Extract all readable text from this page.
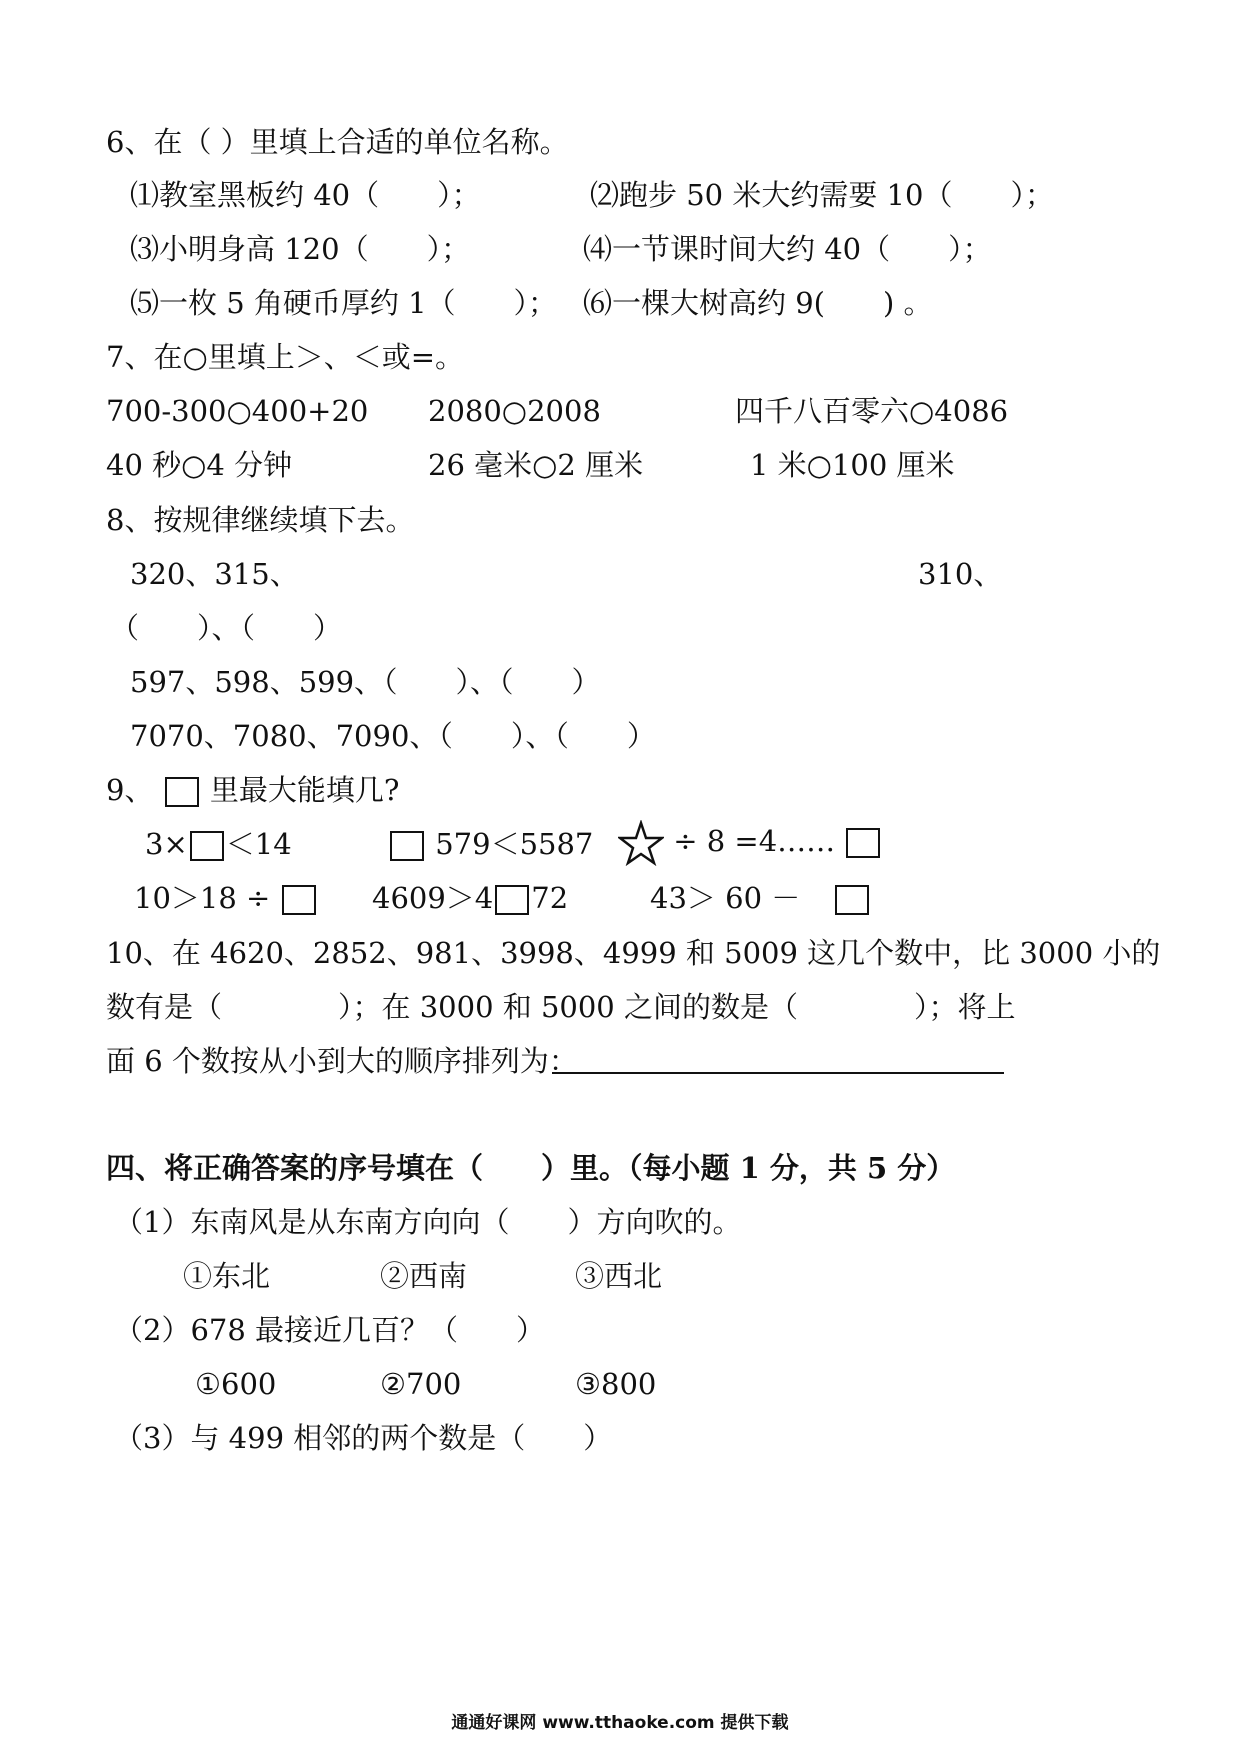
6、在（ ）里填上合适的单位名称。
⑴教室黑板约 40（　　）；	⑵跑步 50 米大约需要 10（　　）；
⑶小明身高 120（　　）；	⑷一节课时间大约 40（　　）；
⑸一枚 5 角硬币厚约 1（　　）； ⑹一棵大树高约 9(　　) 。
7、在○里填上＞、＜或=。
700-300○400+20 2080○2008	四千八百零六○4086
40 秒○4 分钟	26 毫米○2 厘米	1 米○100 厘米
8、按规律继续填下去。
320、315、	310、
（　　）、（　　）
597、598、599、（　　）、（　　）
7070、7080、7090、（　　）、（　　）
9、 里最大能填几?
3× ＜14	579＜5587	÷ 8 =4……
10＞18 ÷	4609＞4 72	43＞ 60 －
10、在 4620、2852、981、3998、4999 和 5009 这几个数中，比 3000 小的
数有是（　　　　）；在 3000 和 5000 之间的数是（　　　　）；将上
面 6 个数按从小到大的顺序排列为：
四、将正确答案的序号填在（　　）里。（每小题 1 分，共 5 分）
（1）东南风是从东南方向向（　　）方向吹的。
①东北	②西南	③西北
（2）678 最接近几百？（　　）
①600	②700	③800
（3）与 499 相邻的两个数是（　　）
通通好课网 www.tthaoke.com 提供下载
